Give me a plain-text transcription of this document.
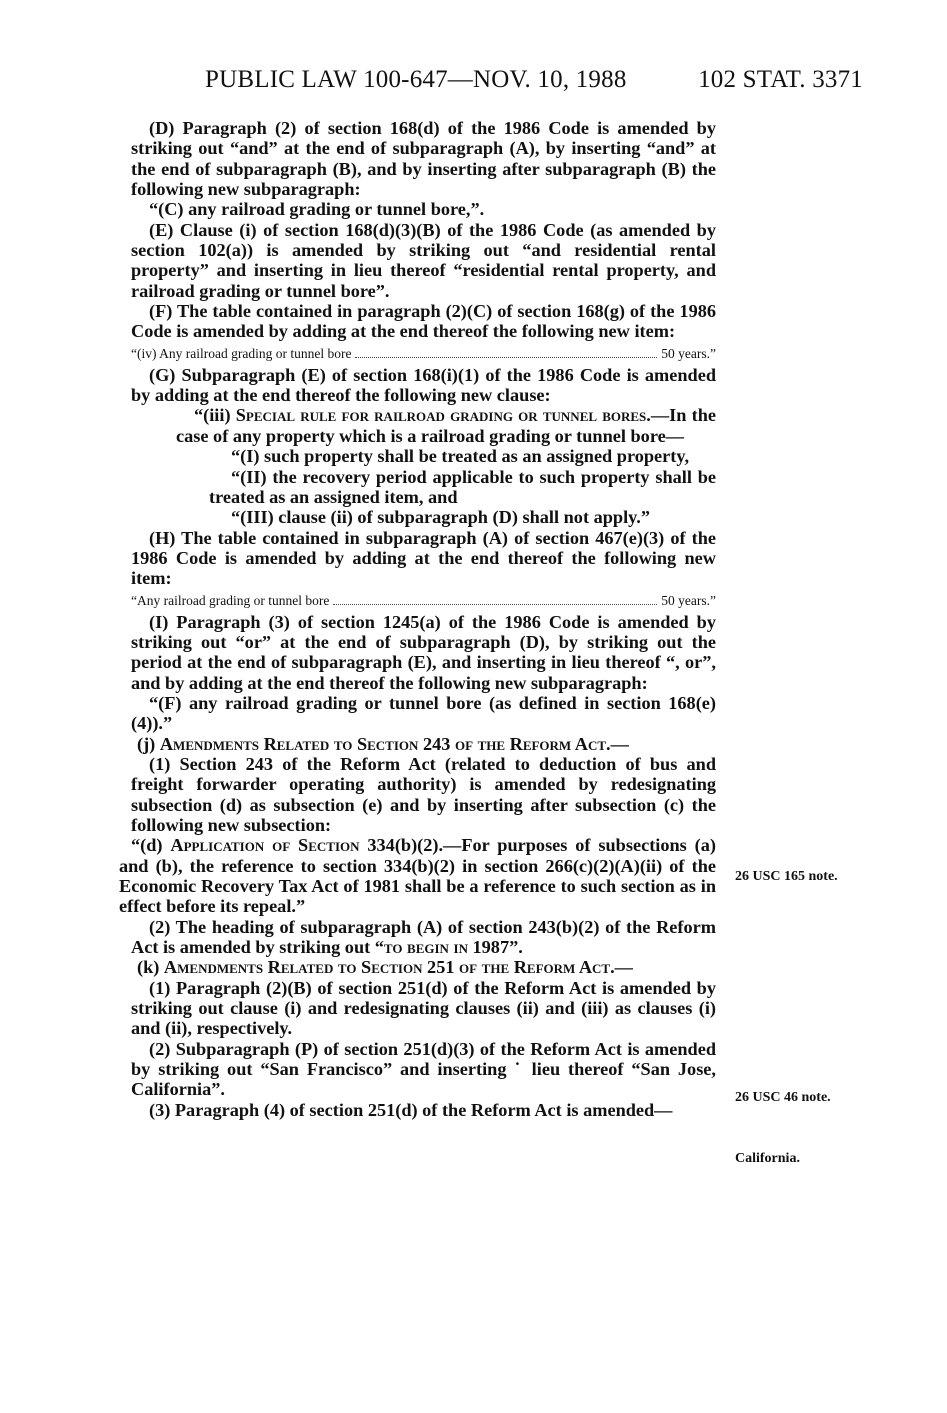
PUBLIC LAW 100-647—NOV. 10, 1988	102 STAT. 3371

(D) Paragraph (2) of section 168(d) of the 1986 Code is amended by striking out “and” at the end of subparagraph (A), by inserting “and” at the end of subparagraph (B), and by inserting after subparagraph (B) the following new subparagraph:

“(C) any railroad grading or tunnel bore,”.

(E) Clause (i) of section 168(d)(3)(B) of the 1986 Code (as amended by section 102(a)) is amended by striking out “and residential rental property” and inserting in lieu thereof “residential rental property, and railroad grading or tunnel bore”.

(F) The table contained in paragraph (2)(C) of section 168(g) of the 1986 Code is amended by adding at the end thereof the following new item:

“(iv) Any railroad grading or tunnel bore	50 years.”

(G) Subparagraph (E) of section 168(i)(1) of the 1986 Code is amended by adding at the end thereof the following new clause:

“(iii) Special rule for railroad grading or tunnel bores.—In the case of any property which is a railroad grading or tunnel bore—

“(I) such property shall be treated as an assigned property,

“(II) the recovery period applicable to such property shall be treated as an assigned item, and

“(III) clause (ii) of subparagraph (D) shall not apply.”

(H) The table contained in subparagraph (A) of section 467(e)(3) of the 1986 Code is amended by adding at the end thereof the following new item:

“Any railroad grading or tunnel bore	50 years.”

(I) Paragraph (3) of section 1245(a) of the 1986 Code is amended by striking out “or” at the end of subparagraph (D), by striking out the period at the end of subparagraph (E), and inserting in lieu thereof “, or”, and by adding at the end thereof the following new subparagraph:

“(F) any railroad grading or tunnel bore (as defined in section 168(e)(4)).”

(j) Amendments Related to Section 243 of the Reform Act.—

(1) Section 243 of the Reform Act (related to deduction of bus and freight forwarder operating authority) is amended by redesignating subsection (d) as subsection (e) and by inserting after subsection (c) the following new subsection:

“(d) Application of Section 334(b)(2).—For purposes of subsections (a) and (b), the reference to section 334(b)(2) in section 266(c)(2)(A)(ii) of the Economic Recovery Tax Act of 1981 shall be a reference to such section as in effect before its repeal.”

(2) The heading of subparagraph (A) of section 243(b)(2) of the Reform Act is amended by striking out “to begin in 1987”.

(k) Amendments Related to Section 251 of the Reform Act.—

(1) Paragraph (2)(B) of section 251(d) of the Reform Act is amended by striking out clause (i) and redesignating clauses (ii) and (iii) as clauses (i) and (ii), respectively.

(2) Subparagraph (P) of section 251(d)(3) of the Reform Act is amended by striking out “San Francisco” and inserting ˙ lieu thereof “San Jose, California”.

(3) Paragraph (4) of section 251(d) of the Reform Act is amended—

26 USC 165 note.
26 USC 46 note.
California.
